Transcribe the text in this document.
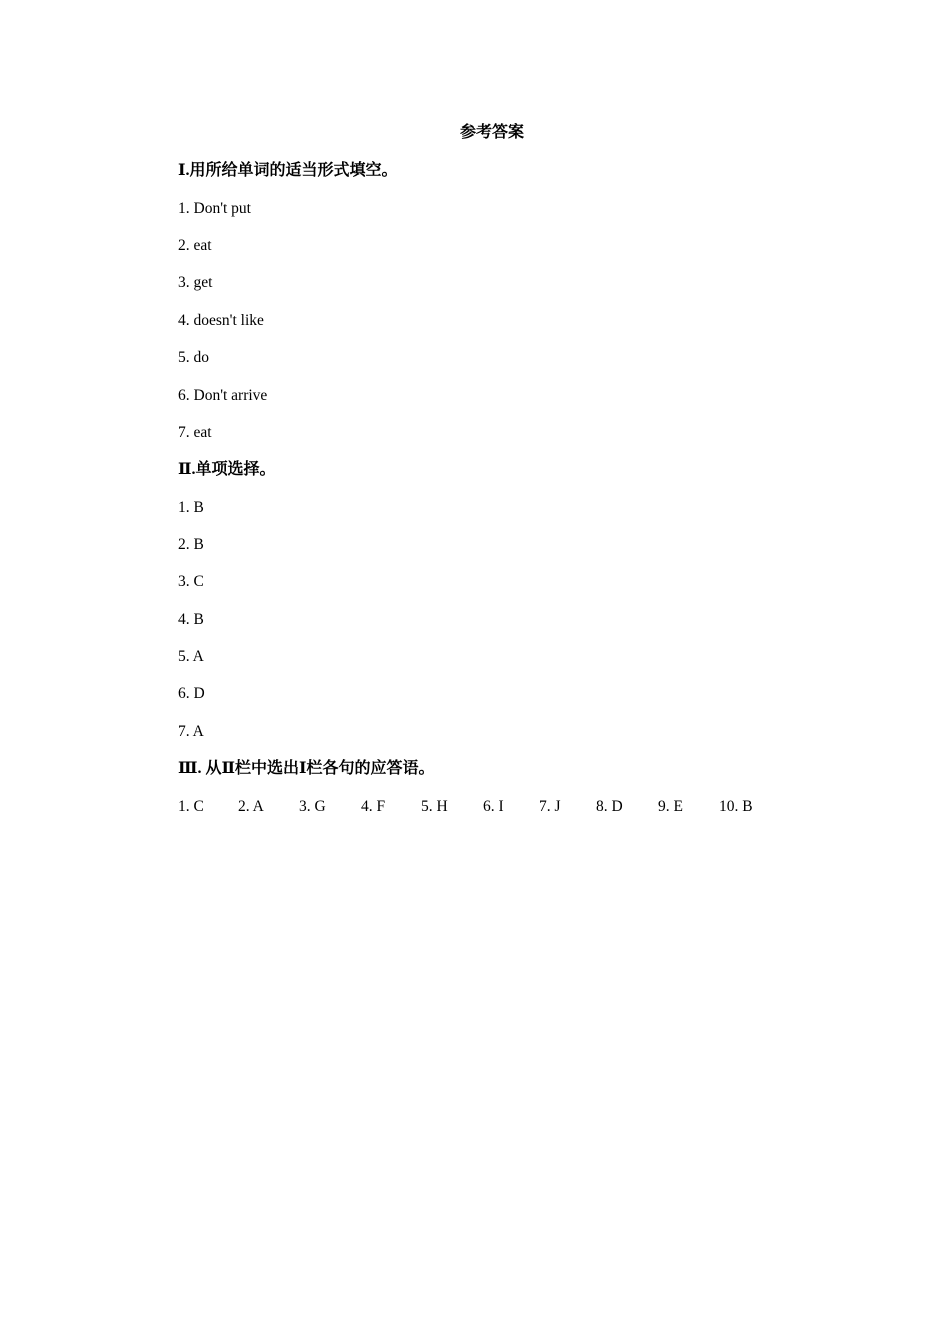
参考答案
Ⅰ.用所给单词的适当形式填空。
1. Don't put
2. eat
3. get
4. doesn't like
5. do
6. Don't arrive
7. eat
Ⅱ.单项选择。
1. B
2. B
3. C
4. B
5. A
6. D
7. A
Ⅲ. 从Ⅱ栏中选出Ⅰ栏各句的应答语。
1. C 2. A 3. G 4. F 5. H 6. I 7. J 8. D 9. E 10. B
